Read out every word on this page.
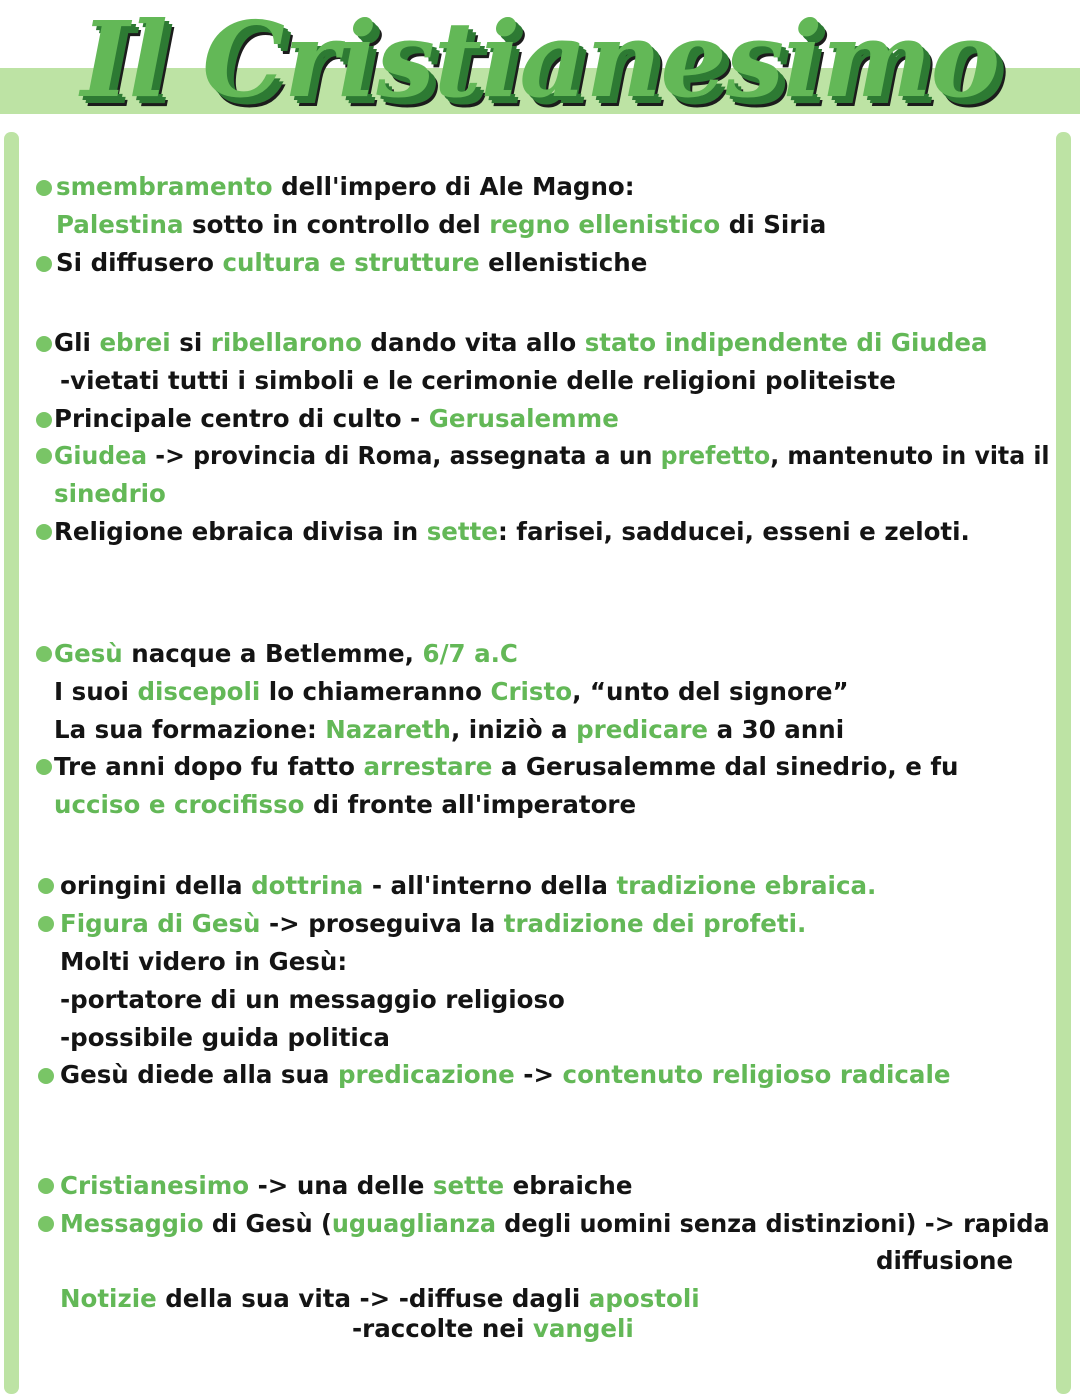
Il Cristianesimo
smembramento dell'impero di Ale Magno:
Palestina sotto in controllo del regno ellenistico di Siria
Si diffusero cultura e strutture ellenistiche
Gli ebrei si ribellarono dando vita allo stato indipendente di Giudea
-vietati tutti i simboli e le cerimonie delle religioni politeiste
Principale centro di culto - Gerusalemme
Giudea -> provincia di Roma, assegnata a un prefetto, mantenuto in vita il
sinedrio
Religione ebraica divisa in sette: farisei, sadducei, esseni e zeloti.
Gesù nacque a Betlemme, 6/7 a.C
I suoi discepoli lo chiameranno Cristo, “unto del signore”
La sua formazione: Nazareth, iniziò a predicare a 30 anni
Tre anni dopo fu fatto arrestare a Gerusalemme dal sinedrio, e fu
ucciso e crocifisso di fronte all'imperatore
oringini della dottrina - all'interno della tradizione ebraica.
Figura di Gesù -> proseguiva la tradizione dei profeti.
Molti videro in Gesù:
-portatore di un messaggio religioso
-possibile guida politica
Gesù diede alla sua predicazione -> contenuto religioso radicale
Cristianesimo -> una delle sette ebraiche
Messaggio di Gesù (uguaglianza degli uomini senza distinzioni) -> rapida
diffusione
Notizie della sua vita -> -diffuse dagli apostoli
-raccolte nei vangeli
